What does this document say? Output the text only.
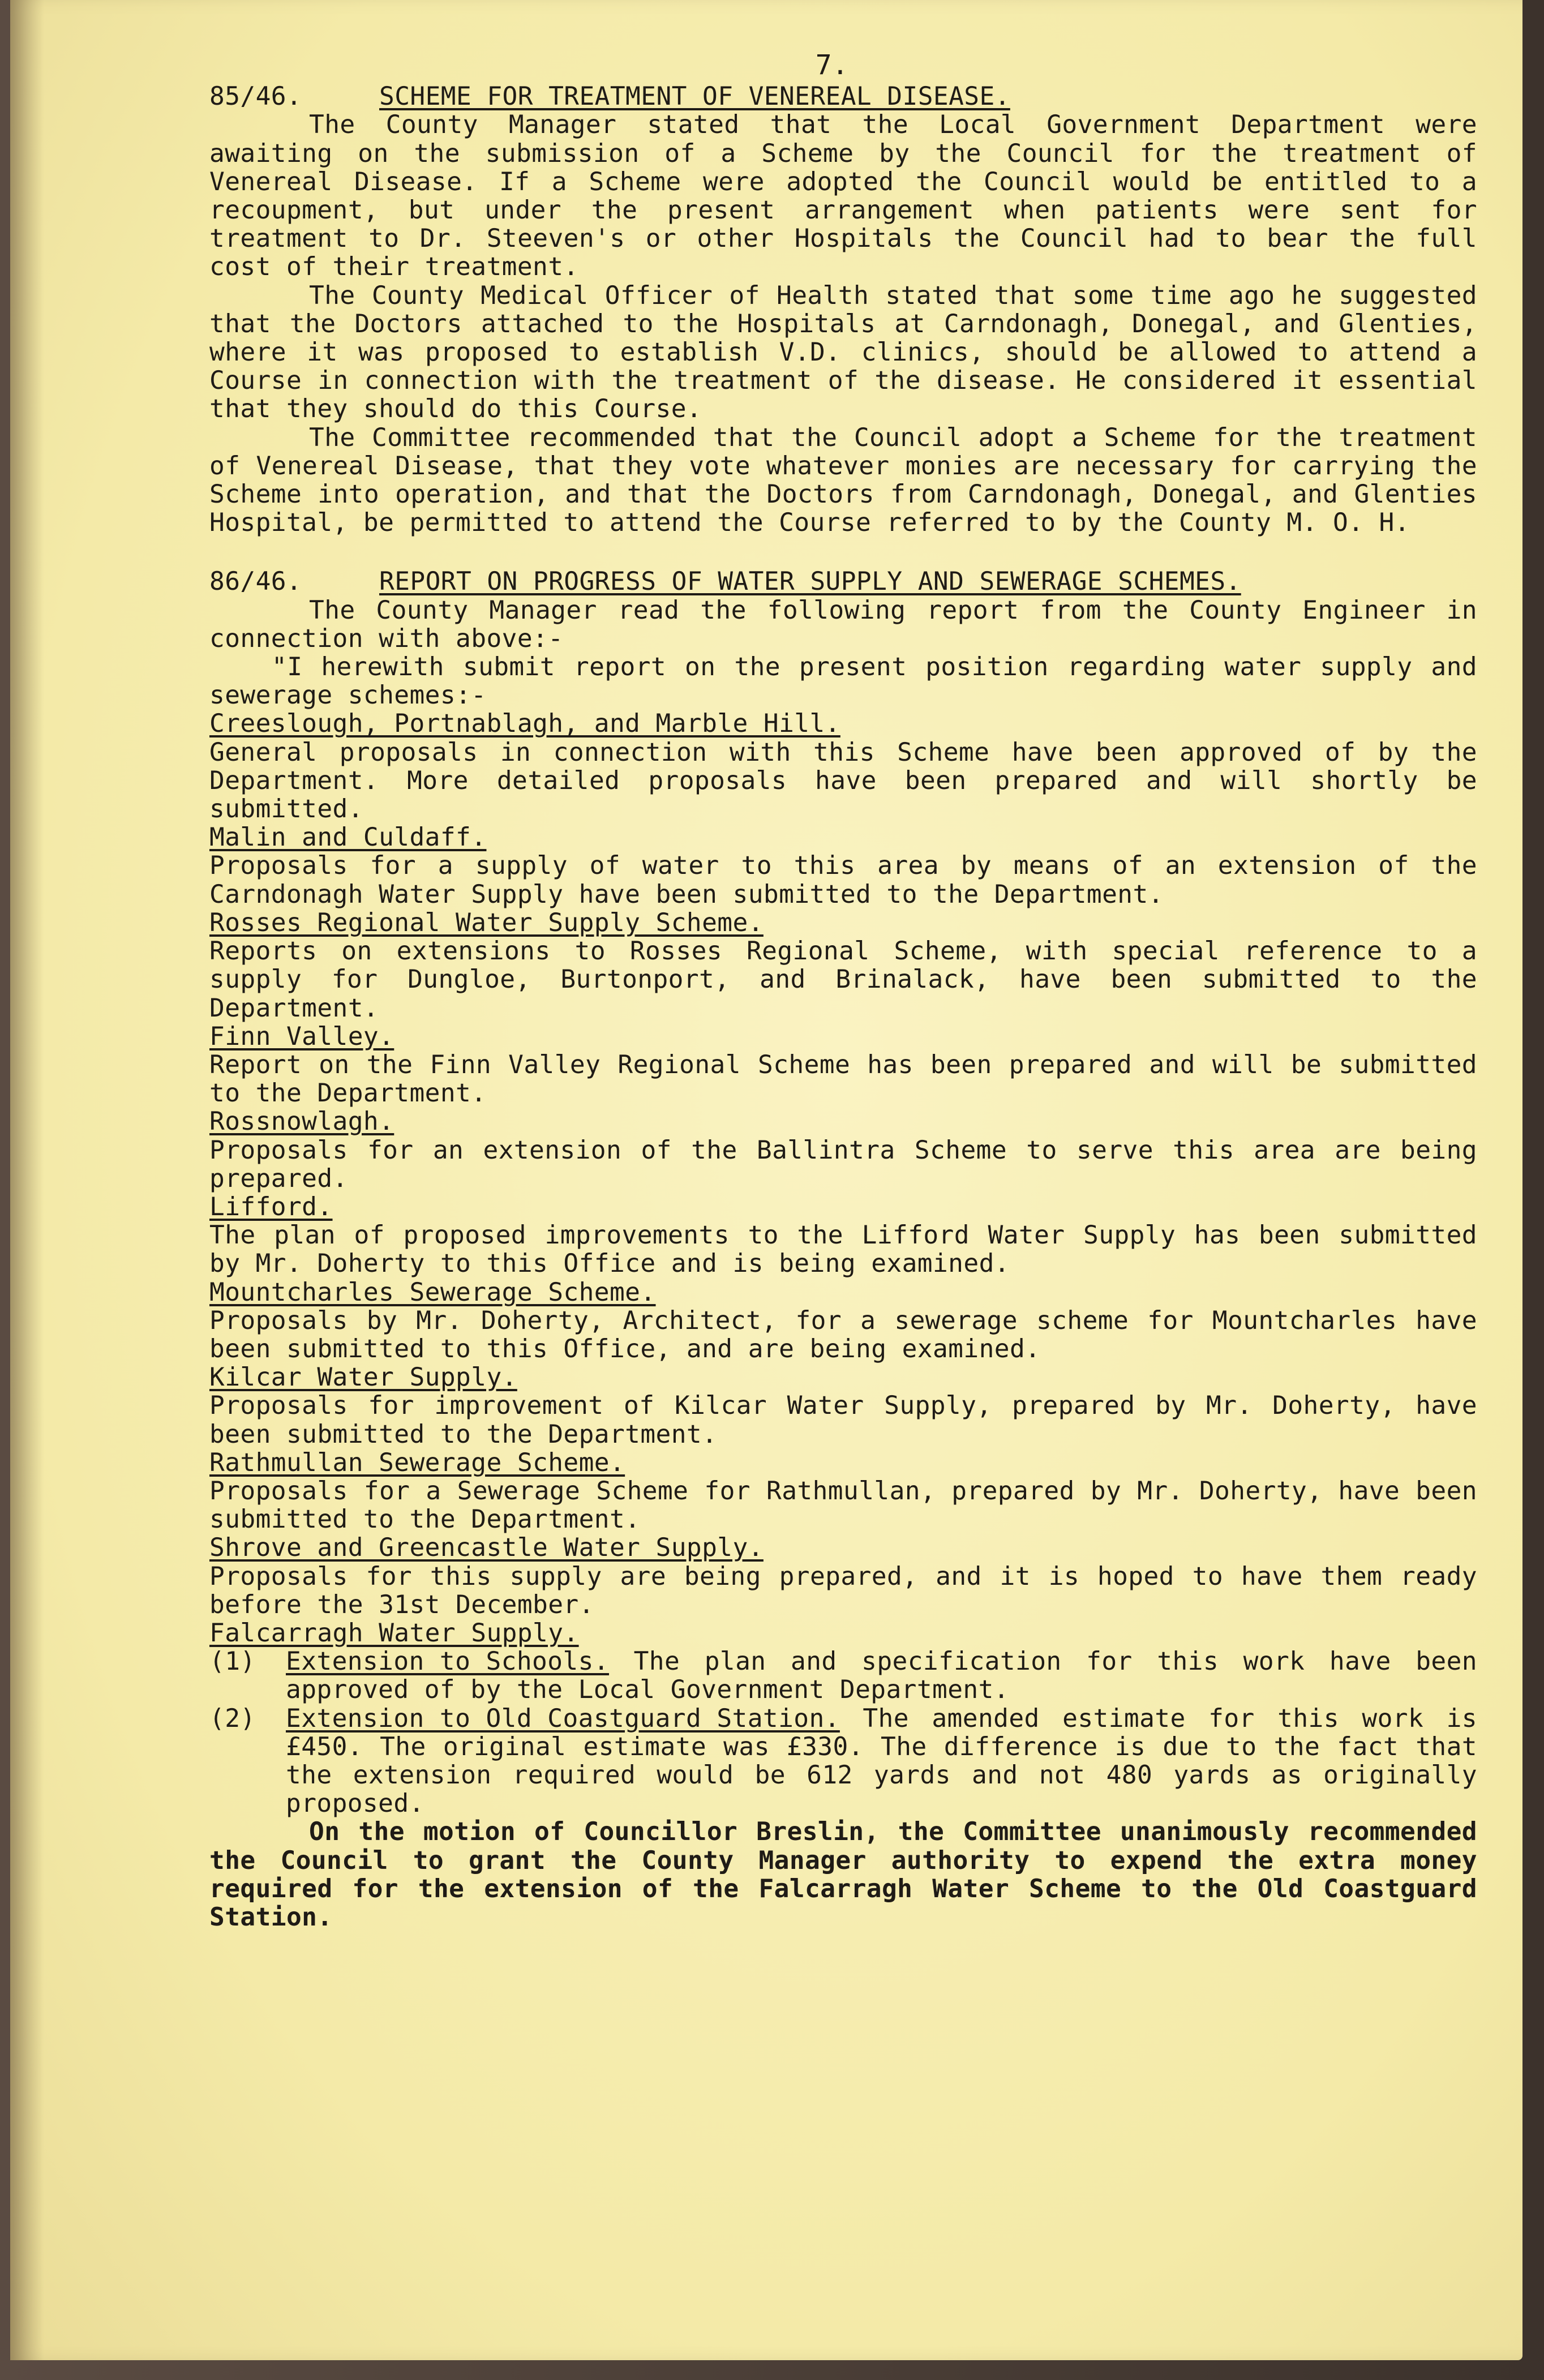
7.
85/46.	SCHEME FOR TREATMENT OF VENEREAL DISEASE.

The County Manager stated that the Local Government Department were awaiting on the submission of a Scheme by the Council for the treatment of Venereal Disease. If a Scheme were adopted the Council would be entitled to a recoupment, but under the present arrangement when patients were sent for treatment to Dr. Steeven's or other Hospitals the Council had to bear the full cost of their treatment.

The County Medical Officer of Health stated that some time ago he suggested that the Doctors attached to the Hospitals at Carndonagh, Donegal, and Glenties, where it was proposed to establish V.D. clinics, should be allowed to attend a Course in connection with the treatment of the disease. He considered it essential that they should do this Course.

The Committee recommended that the Council adopt a Scheme for the treatment of Venereal Disease, that they vote whatever monies are necessary for carrying the Scheme into operation, and that the Doctors from Carndonagh, Donegal, and Glenties Hospital, be permitted to attend the Course referred to by the County M. O. H.

86/46.	REPORT ON PROGRESS OF WATER SUPPLY AND SEWERAGE SCHEMES.

The County Manager read the following report from the County Engineer in connection with above:-

"I herewith submit report on the present position regarding water supply and sewerage schemes:-

Creeslough, Portnablagh, and Marble Hill.

General proposals in connection with this Scheme have been approved of by the Department. More detailed proposals have been prepared and will shortly be submitted.

Malin and Culdaff.

Proposals for a supply of water to this area by means of an extension of the Carndonagh Water Supply have been submitted to the Department.

Rosses Regional Water Supply Scheme.

Reports on extensions to Rosses Regional Scheme, with special reference to a supply for Dungloe, Burtonport, and Brinalack, have been submitted to the Department.

Finn Valley.

Report on the Finn Valley Regional Scheme has been prepared and will be submitted to the Department.

Rossnowlagh.

Proposals for an extension of the Ballintra Scheme to serve this area are being prepared.

Lifford.

The plan of proposed improvements to the Lifford Water Supply has been submitted by Mr. Doherty to this Office and is being examined.

Mountcharles Sewerage Scheme.

Proposals by Mr. Doherty, Architect, for a sewerage scheme for Mountcharles have been submitted to this Office, and are being examined.

Kilcar Water Supply.

Proposals for improvement of Kilcar Water Supply, prepared by Mr. Doherty, have been submitted to the Department.

Rathmullan Sewerage Scheme.

Proposals for a Sewerage Scheme for Rathmullan, prepared by Mr. Doherty, have been submitted to the Department.

Shrove and Greencastle Water Supply.

Proposals for this supply are being prepared, and it is hoped to have them ready before the 31st December.

Falcarragh Water Supply.
(1)	Extension to Schools. The plan and specification for this work have been approved of by the Local Government Department.

(2)	Extension to Old Coastguard Station. The amended estimate for this work is £450. The original estimate was £330. The difference is due to the fact that the extension required would be 612 yards and not 480 yards as originally proposed.

On the motion of Councillor Breslin, the Committee unanimously recommended the Council to grant the County Manager authority to expend the extra money required for the extension of the Falcarragh Water Scheme to the Old Coastguard Station.
